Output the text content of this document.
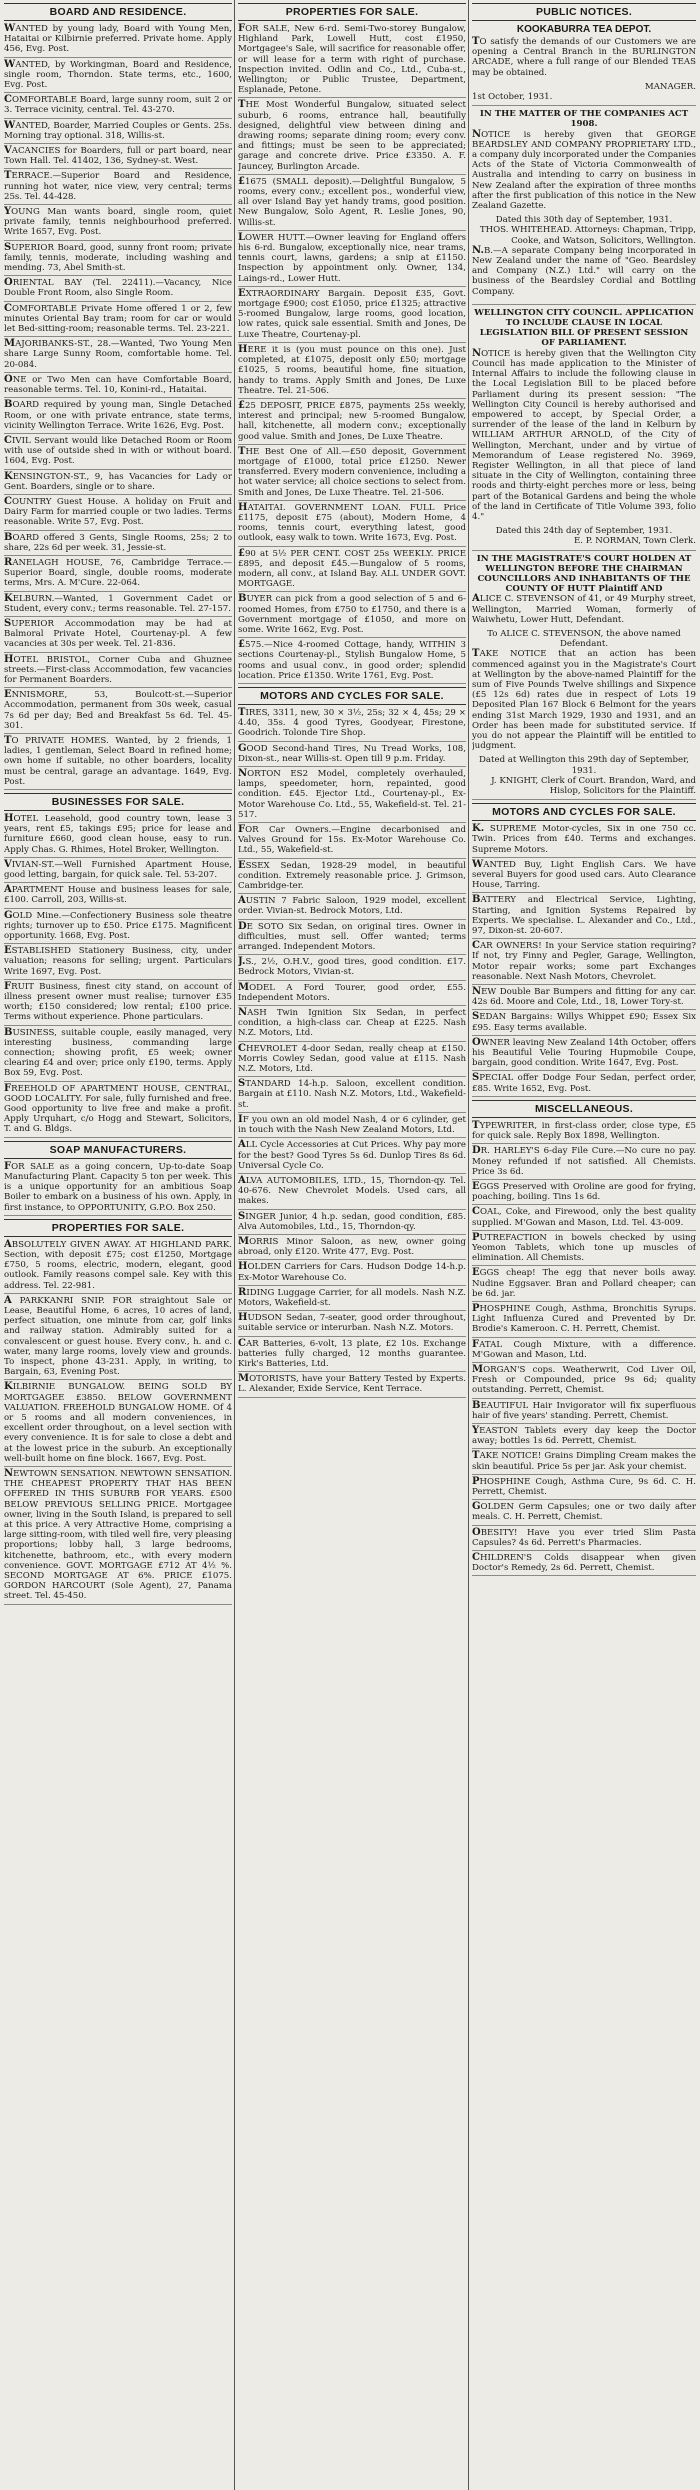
BOARD AND RESIDENCE.
WANTED by young lady, Board with Young Men, Hataitai or Kilbirnie preferred. Private home. Apply 456, Evg. Post.
WANTED, by Workingman, Board and Residence, single room, Thorndon. State terms, etc., 1600, Evg. Post.
COMFORTABLE Board, large sunny room, suit 2 or 3. Terrace vicinity, central. Tel. 43-270.
WANTED, Boarder, Married Couples or Gents. 25s. Morning tray optional. 318, Willis-st.
VACANCIES for Boarders, full or part board, near Town Hall. Tel. 41402, 136, Sydney-st. West.
TERRACE.—Superior Board and Residence, running hot water, nice view, very central; terms 25s. Tel. 44-428.
YOUNG Man wants board, single room, quiet private family, tennis neighbourhood preferred. Write 1657, Evg. Post.
SUPERIOR Board, good, sunny front room; private family, tennis, moderate, including washing and mending. 73, Abel Smith-st.
ORIENTAL BAY (Tel. 22411).—Vacancy, Nice Double Front Room, also Single Room.
COMFORTABLE Private Home offered 1 or 2, few minutes Oriental Bay tram; room for car or would let Bed-sitting-room; reasonable terms. Tel. 23-221.
MAJORIBANKS-ST., 28.—Wanted, Two Young Men share Large Sunny Room, comfortable home. Tel. 20-084.
ONE or Two Men can have Comfortable Board, reasonable terms. Tel. 10, Konini-rd., Hataitai.
BOARD required by young man, Single Detached Room, or one with private entrance, state terms, vicinity Wellington Terrace. Write 1626, Evg. Post.
CIVIL Servant would like Detached Room or Room with use of outside shed in with or without board. 1604, Evg. Post.
KENSINGTON-ST., 9, has Vacancies for Lady or Gent. Boarders, single or to share.
COUNTRY Guest House. A holiday on Fruit and Dairy Farm for married couple or two ladies. Terms reasonable. Write 57, Evg. Post.
BOARD offered 3 Gents, Single Rooms, 25s; 2 to share, 22s 6d per week. 31, Jessie-st.
RANELAGH HOUSE, 76, Cambridge Terrace.—Superior Board, single, double rooms, moderate terms, Mrs. A. M'Cure. 22-064.
KELBURN.—Wanted, 1 Government Cadet or Student, every conv.; terms reasonable. Tel. 27-157.
SUPERIOR Accommodation may be had at Balmoral Private Hotel, Courtenay-pl. A few vacancies at 30s per week. Tel. 21-836.
HOTEL BRISTOL, Corner Cuba and Ghuznee streets.—First-class Accommodation, few vacancies for Permanent Boarders.
ENNISMORE, 53, Boulcott-st.—Superior Accommodation, permanent from 30s week, casual 7s 6d per day; Bed and Breakfast 5s 6d. Tel. 45-301.
TO PRIVATE HOMES. Wanted, by 2 friends, 1 ladies, 1 gentleman, Select Board in refined home; own home if suitable, no other boarders, locality must be central, garage an advantage. 1649, Evg. Post.
BUSINESSES FOR SALE.
HOTEL Leasehold, good country town, lease 3 years, rent £5, takings £95; price for lease and furniture £660, good clean house, easy to run. Apply Chas. G. Rhimes, Hotel Broker, Wellington.
VIVIAN-ST.—Well Furnished Apartment House, good letting, bargain, for quick sale. Tel. 53-207.
APARTMENT House and business leases for sale, £100. Carroll, 203, Willis-st.
GOLD Mine.—Confectionery Business sole theatre rights; turnover up to £50. Price £175. Magnificent opportunity. 1668, Evg. Post.
ESTABLISHED Stationery Business, city, under valuation; reasons for selling; urgent. Particulars Write 1697, Evg. Post.
FRUIT Business, finest city stand, on account of illness present owner must realise; turnover £35 worth; £150 considered; low rental; £100 price. Terms without experience. Phone particulars.
BUSINESS, suitable couple, easily managed, very interesting business, commanding large connection; showing profit, £5 week; owner clearing £4 and over; price only £190, terms. Apply Box 59, Evg. Post.
FREEHOLD OF APARTMENT HOUSE, CENTRAL, GOOD LOCALITY. For sale, fully furnished and free. Good opportunity to live free and make a profit. Apply Urquhart, c/o Hogg and Stewart, Solicitors, T. and G. Bldgs.
SOAP MANUFACTURERS.
FOR SALE as a going concern, Up-to-date Soap Manufacturing Plant. Capacity 5 ton per week. This is a unique opportunity for an ambitious Soap Boiler to embark on a business of his own. Apply, in first instance, to OPPORTUNITY, G.P.O. Box 250.
PROPERTIES FOR SALE.
ABSOLUTELY GIVEN AWAY. AT HIGHLAND PARK. Section, with deposit £75; cost £1250, Mortgage £750, 5 rooms, electric, modern, elegant, good outlook. Family reasons compel sale. Key with this address. Tel. 22-981.
A PARKKANRI SNIP. FOR straightout Sale or Lease, Beautiful Home, 6 acres, 10 acres of land, perfect situation, one minute from car, golf links and railway station. Admirably suited for a convalescent or guest house. Every conv., h. and c. water, many large rooms, lovely view and grounds. To inspect, phone 43-231. Apply, in writing, to Bargain, 63, Evening Post.
KILBIRNIE BUNGALOW. BEING SOLD BY MORTGAGEE £3850. BELOW GOVERNMENT VALUATION. FREEHOLD BUNGALOW HOME. Of 4 or 5 rooms and all modern conveniences, in excellent order throughout, on a level section with every convenience. It is for sale to close a debt and at the lowest price in the suburb. An exceptionally well-built home on fine block. 1667, Evg. Post.
NEWTOWN SENSATION. NEWTOWN SENSATION. THE CHEAPEST PROPERTY THAT HAS BEEN OFFERED IN THIS SUBURB FOR YEARS. £500 BELOW PREVIOUS SELLING PRICE. Mortgagee owner, living in the South Island, is prepared to sell at this price. A very Attractive Home, comprising a large sitting-room, with tiled well fire, very pleasing proportions; lobby hall, 3 large bedrooms, kitchenette, bathroom, etc., with every modern convenience. GOVT. MORTGAGE £712 AT 4½ %. SECOND MORTGAGE AT 6%. PRICE £1075. GORDON HARCOURT (Sole Agent), 27, Panama street. Tel. 45-450.
PROPERTIES FOR SALE.
FOR SALE, New 6-rd. Semi-Two-storey Bungalow, Highland Park, Lowell Hutt, cost £1950, Mortgagee's Sale, will sacrifice for reasonable offer, or will lease for a term with right of purchase. Inspection invited. Odlin and Co., Ltd., Cuba-st., Wellington; or Public Trustee, Department, Esplanade, Petone.
THE Most Wonderful Bungalow, situated select suburb, 6 rooms, entrance hall, beautifully designed, delightful view between dining and drawing rooms; separate dining room; every conv. and fittings; must be seen to be appreciated; garage and concrete drive. Price £3350. A. F. Jauncey, Burlington Arcade.
£1675 (SMALL deposit).—Delightful Bungalow, 5 rooms, every conv.; excellent pos., wonderful view, all over Island Bay yet handy trams, good position. New Bungalow, Solo Agent, R. Leslie Jones, 90, Willis-st.
LOWER HUTT.—Owner leaving for England offers his 6-rd. Bungalow, exceptionally nice, near trams, tennis court, lawns, gardens; a snip at £1150. Inspection by appointment only. Owner, 134, Laings-rd., Lower Hutt.
EXTRAORDINARY Bargain. Deposit £35, Govt. mortgage £900; cost £1050, price £1325; attractive 5-roomed Bungalow, large rooms, good location, low rates, quick sale essential. Smith and Jones, De Luxe Theatre, Courtenay-pl.
HERE it is (you must pounce on this one). Just completed, at £1075, deposit only £50; mortgage £1025, 5 rooms, beautiful home, fine situation, handy to trams. Apply Smith and Jones, De Luxe Theatre. Tel. 21-506.
£25 DEPOSIT, PRICE £875, payments 25s weekly, interest and principal; new 5-roomed Bungalow, hall, kitchenette, all modern conv.; exceptionally good value. Smith and Jones, De Luxe Theatre.
THE Best One of All.—£50 deposit, Government mortgage of £1000, total price £1250. Newer transferred. Every modern convenience, including a hot water service; all choice sections to select from. Smith and Jones, De Luxe Theatre. Tel. 21-506.
HATAITAI. GOVERNMENT LOAN. FULL Price £1175, deposit £75 (about), Modern Home, 4 rooms, tennis court, everything latest, good outlook, easy walk to town. Write 1673, Evg. Post.
£90 at 5½ PER CENT. COST 25s WEEKLY. PRICE £895, and deposit £45.—Bungalow of 5 rooms, modern, all conv., at Island Bay. ALL UNDER GOVT. MORTGAGE.
BUYER can pick from a good selection of 5 and 6-roomed Homes, from £750 to £1750, and there is a Government mortgage of £1050, and more on some. Write 1662, Evg. Post.
£575.—Nice 4-roomed Cottage, handy, WITHIN 3 sections Courtenay-pl., Stylish Bungalow Home, 5 rooms and usual conv., in good order; splendid location. Price £1350. Write 1761, Evg. Post.
MOTORS AND CYCLES FOR SALE.
TIRES, 3311, new, 30 × 3½, 25s; 32 × 4, 45s; 29 × 4.40, 35s. 4 good Tyres, Goodyear, Firestone, Goodrich. Tolonde Tire Shop.
GOOD Second-hand Tires, Nu Tread Works, 108, Dixon-st., near Willis-st. Open till 9 p.m. Friday.
NORTON ES2 Model, completely overhauled, lamps, speedometer, horn, repainted, good condition. £45. Ejector Ltd., Courtenay-pl., Ex-Motor Warehouse Co. Ltd., 55, Wakefield-st. Tel. 21-517.
FOR Car Owners.—Engine decarbonised and Valves Ground for 15s. Ex-Motor Warehouse Co. Ltd., 55, Wakefield-st.
ESSEX Sedan, 1928-29 model, in beautiful condition. Extremely reasonable price. J. Grimson, Cambridge-ter.
AUSTIN 7 Fabric Saloon, 1929 model, excellent order. Vivian-st. Bedrock Motors, Ltd.
DE SOTO Six Sedan, on original tires. Owner in difficulties, must sell. Offer wanted; terms arranged. Independent Motors.
J.S., 2½, O.H.V., good tires, good condition. £17. Bedrock Motors, Vivian-st.
MODEL A Ford Tourer, good order, £55. Independent Motors.
NASH Twin Ignition Six Sedan, in perfect condition, a high-class car. Cheap at £225. Nash N.Z. Motors, Ltd.
CHEVROLET 4-door Sedan, really cheap at £150. Morris Cowley Sedan, good value at £115. Nash N.Z. Motors, Ltd.
STANDARD 14-h.p. Saloon, excellent condition. Bargain at £110. Nash N.Z. Motors, Ltd., Wakefield-st.
IF you own an old model Nash, 4 or 6 cylinder, get in touch with the Nash New Zealand Motors, Ltd.
ALL Cycle Accessories at Cut Prices. Why pay more for the best? Good Tyres 5s 6d. Dunlop Tires 8s 6d. Universal Cycle Co.
ALVA AUTOMOBILES, LTD., 15, Thorndon-qy. Tel. 40-676. New Chevrolet Models. Used cars, all makes.
SINGER Junior, 4 h.p. sedan, good condition, £85. Alva Automobiles, Ltd., 15, Thorndon-qy.
MORRIS Minor Saloon, as new, owner going abroad, only £120. Write 477, Evg. Post.
HOLDEN Carriers for Cars. Hudson Dodge 14-h.p. Ex-Motor Warehouse Co.
RIDING Luggage Carrier, for all models. Nash N.Z. Motors, Wakefield-st.
HUDSON Sedan, 7-seater, good order throughout, suitable service or interurban. Nash N.Z. Motors.
CAR Batteries, 6-volt, 13 plate, £2 10s. Exchange batteries fully charged, 12 months guarantee. Kirk's Batteries, Ltd.
MOTORISTS, have your Battery Tested by Experts. L. Alexander, Exide Service, Kent Terrace.
PUBLIC NOTICES.
KOOKABURRA TEA DEPOT.
TO satisfy the demands of our Customers we are opening a Central Branch in the BURLINGTON ARCADE, where a full range of our Blended TEAS may be obtained.
MANAGER.
1st October, 1931.
IN THE MATTER OF THE COMPANIES ACT 1908.
NOTICE is hereby given that GEORGE BEARDSLEY AND COMPANY PROPRIETARY LTD., a company duly incorporated under the Companies Acts of the State of Victoria Commonwealth of Australia and intending to carry on business in New Zealand after the expiration of three months after the first publication of this notice in the New Zealand Gazette.
Dated this 30th day of September, 1931.
THOS. WHITEHEAD. Attorneys: Chapman, Tripp, Cooke, and Watson, Solicitors, Wellington.
N.B.—A separate Company being incorporated in New Zealand under the name of "Geo. Beardsley and Company (N.Z.) Ltd." will carry on the business of the Beardsley Cordial and Bottling Company.
WELLINGTON CITY COUNCIL. APPLICATION TO INCLUDE CLAUSE IN LOCAL LEGISLATION BILL OF PRESENT SESSION OF PARLIAMENT.
NOTICE is hereby given that the Wellington City Council has made application to the Minister of Internal Affairs to include the following clause in the Local Legislation Bill to be placed before Parliament during its present session: "The Wellington City Council is hereby authorised and empowered to accept, by Special Order, a surrender of the lease of the land in Kelburn by WILLIAM ARTHUR ARNOLD, of the City of Wellington, Merchant, under and by virtue of Memorandum of Lease registered No. 3969, Register Wellington, in all that piece of land situate in the City of Wellington, containing three roods and thirty-eight perches more or less, being part of the Botanical Gardens and being the whole of the land in Certificate of Title Volume 393, folio 4."
Dated this 24th day of September, 1931.
E. P. NORMAN, Town Clerk.
IN THE MAGISTRATE'S COURT HOLDEN AT WELLINGTON BEFORE THE CHAIRMAN COUNCILLORS AND INHABITANTS OF THE COUNTY OF HUTT Plaintiff AND
ALICE C. STEVENSON of 41, or 49 Murphy street, Wellington, Married Woman, formerly of Waiwhetu, Lower Hutt, Defendant.
To ALICE C. STEVENSON, the above named Defendant.
TAKE NOTICE that an action has been commenced against you in the Magistrate's Court at Wellington by the above-named Plaintiff for the sum of Five Pounds Twelve shillings and Sixpence (£5 12s 6d) rates due in respect of Lots 19 Deposited Plan 167 Block 6 Belmont for the years ending 31st March 1929, 1930 and 1931, and an Order has been made for substituted service. If you do not appear the Plaintiff will be entitled to judgment.
Dated at Wellington this 29th day of September, 1931.
J. KNIGHT, Clerk of Court. Brandon, Ward, and Hislop, Solicitors for the Plaintiff.
MOTORS AND CYCLES FOR SALE.
K. SUPREME Motor-cycles, Six in one 750 cc. Twin. Prices from £40. Terms and exchanges. Supreme Motors.
WANTED Buy, Light English Cars. We have several Buyers for good used cars. Auto Clearance House, Tarring.
BATTERY and Electrical Service, Lighting, Starting, and Ignition Systems Repaired by Experts. We specialise. L. Alexander and Co., Ltd., 97, Dixon-st. 20-607.
CAR OWNERS! In your Service station requiring? If not, try Finny and Pegler, Garage, Wellington, Motor repair works; some part Exchanges reasonable. Next Nash Motors, Chevrolet.
NEW Double Bar Bumpers and fitting for any car. 42s 6d. Moore and Cole, Ltd., 18, Lower Tory-st.
SEDAN Bargains: Willys Whippet £90; Essex Six £95. Easy terms available.
OWNER leaving New Zealand 14th October, offers his Beautiful Velie Touring Hupmobile Coupe, bargain, good condition. Write 1647, Evg. Post.
SPECIAL offer Dodge Four Sedan, perfect order, £85. Write 1652, Evg. Post.
MISCELLANEOUS.
TYPEWRITER, in first-class order, close type, £5 for quick sale. Reply Box 1898, Wellington.
DR. HARLEY'S 6-day File Cure.—No cure no pay. Money refunded if not satisfied. All Chemists. Price 3s 6d.
EGGS Preserved with Oroline are good for frying, poaching, boiling. Tins 1s 6d.
COAL, Coke, and Firewood, only the best quality supplied. M'Gowan and Mason, Ltd. Tel. 43-009.
PUTREFACTION in bowels checked by using Yeomon Tablets, which tone up muscles of elimination. All Chemists.
EGGS cheap! The egg that never boils away. Nudine Eggsaver. Bran and Pollard cheaper; can be 6d. jar.
PHOSPHINE Cough, Asthma, Bronchitis Syrups. Light Influenza Cured and Prevented by Dr. Brodie's Kameroon. C. H. Perrett, Chemist.
FATAL Cough Mixture, with a difference. M'Gowan and Mason, Ltd.
MORGAN'S cops. Weatherwrit, Cod Liver Oil, Fresh or Compounded, price 9s 6d; quality outstanding. Perrett, Chemist.
BEAUTIFUL Hair Invigorator will fix superfluous hair of five years' standing. Perrett, Chemist.
YEASTON Tablets every day keep the Doctor away; bottles 1s 6d. Perrett, Chemist.
TAKE NOTICE! Grains Dimpling Cream makes the skin beautiful. Price 5s per jar. Ask your chemist.
PHOSPHINE Cough, Asthma Cure, 9s 6d. C. H. Perrett, Chemist.
GOLDEN Germ Capsules; one or two daily after meals. C. H. Perrett, Chemist.
OBESITY! Have you ever tried Slim Pasta Capsules? 4s 6d. Perrett's Pharmacies.
CHILDREN'S Colds disappear when given Doctor's Remedy, 2s 6d. Perrett, Chemist.
